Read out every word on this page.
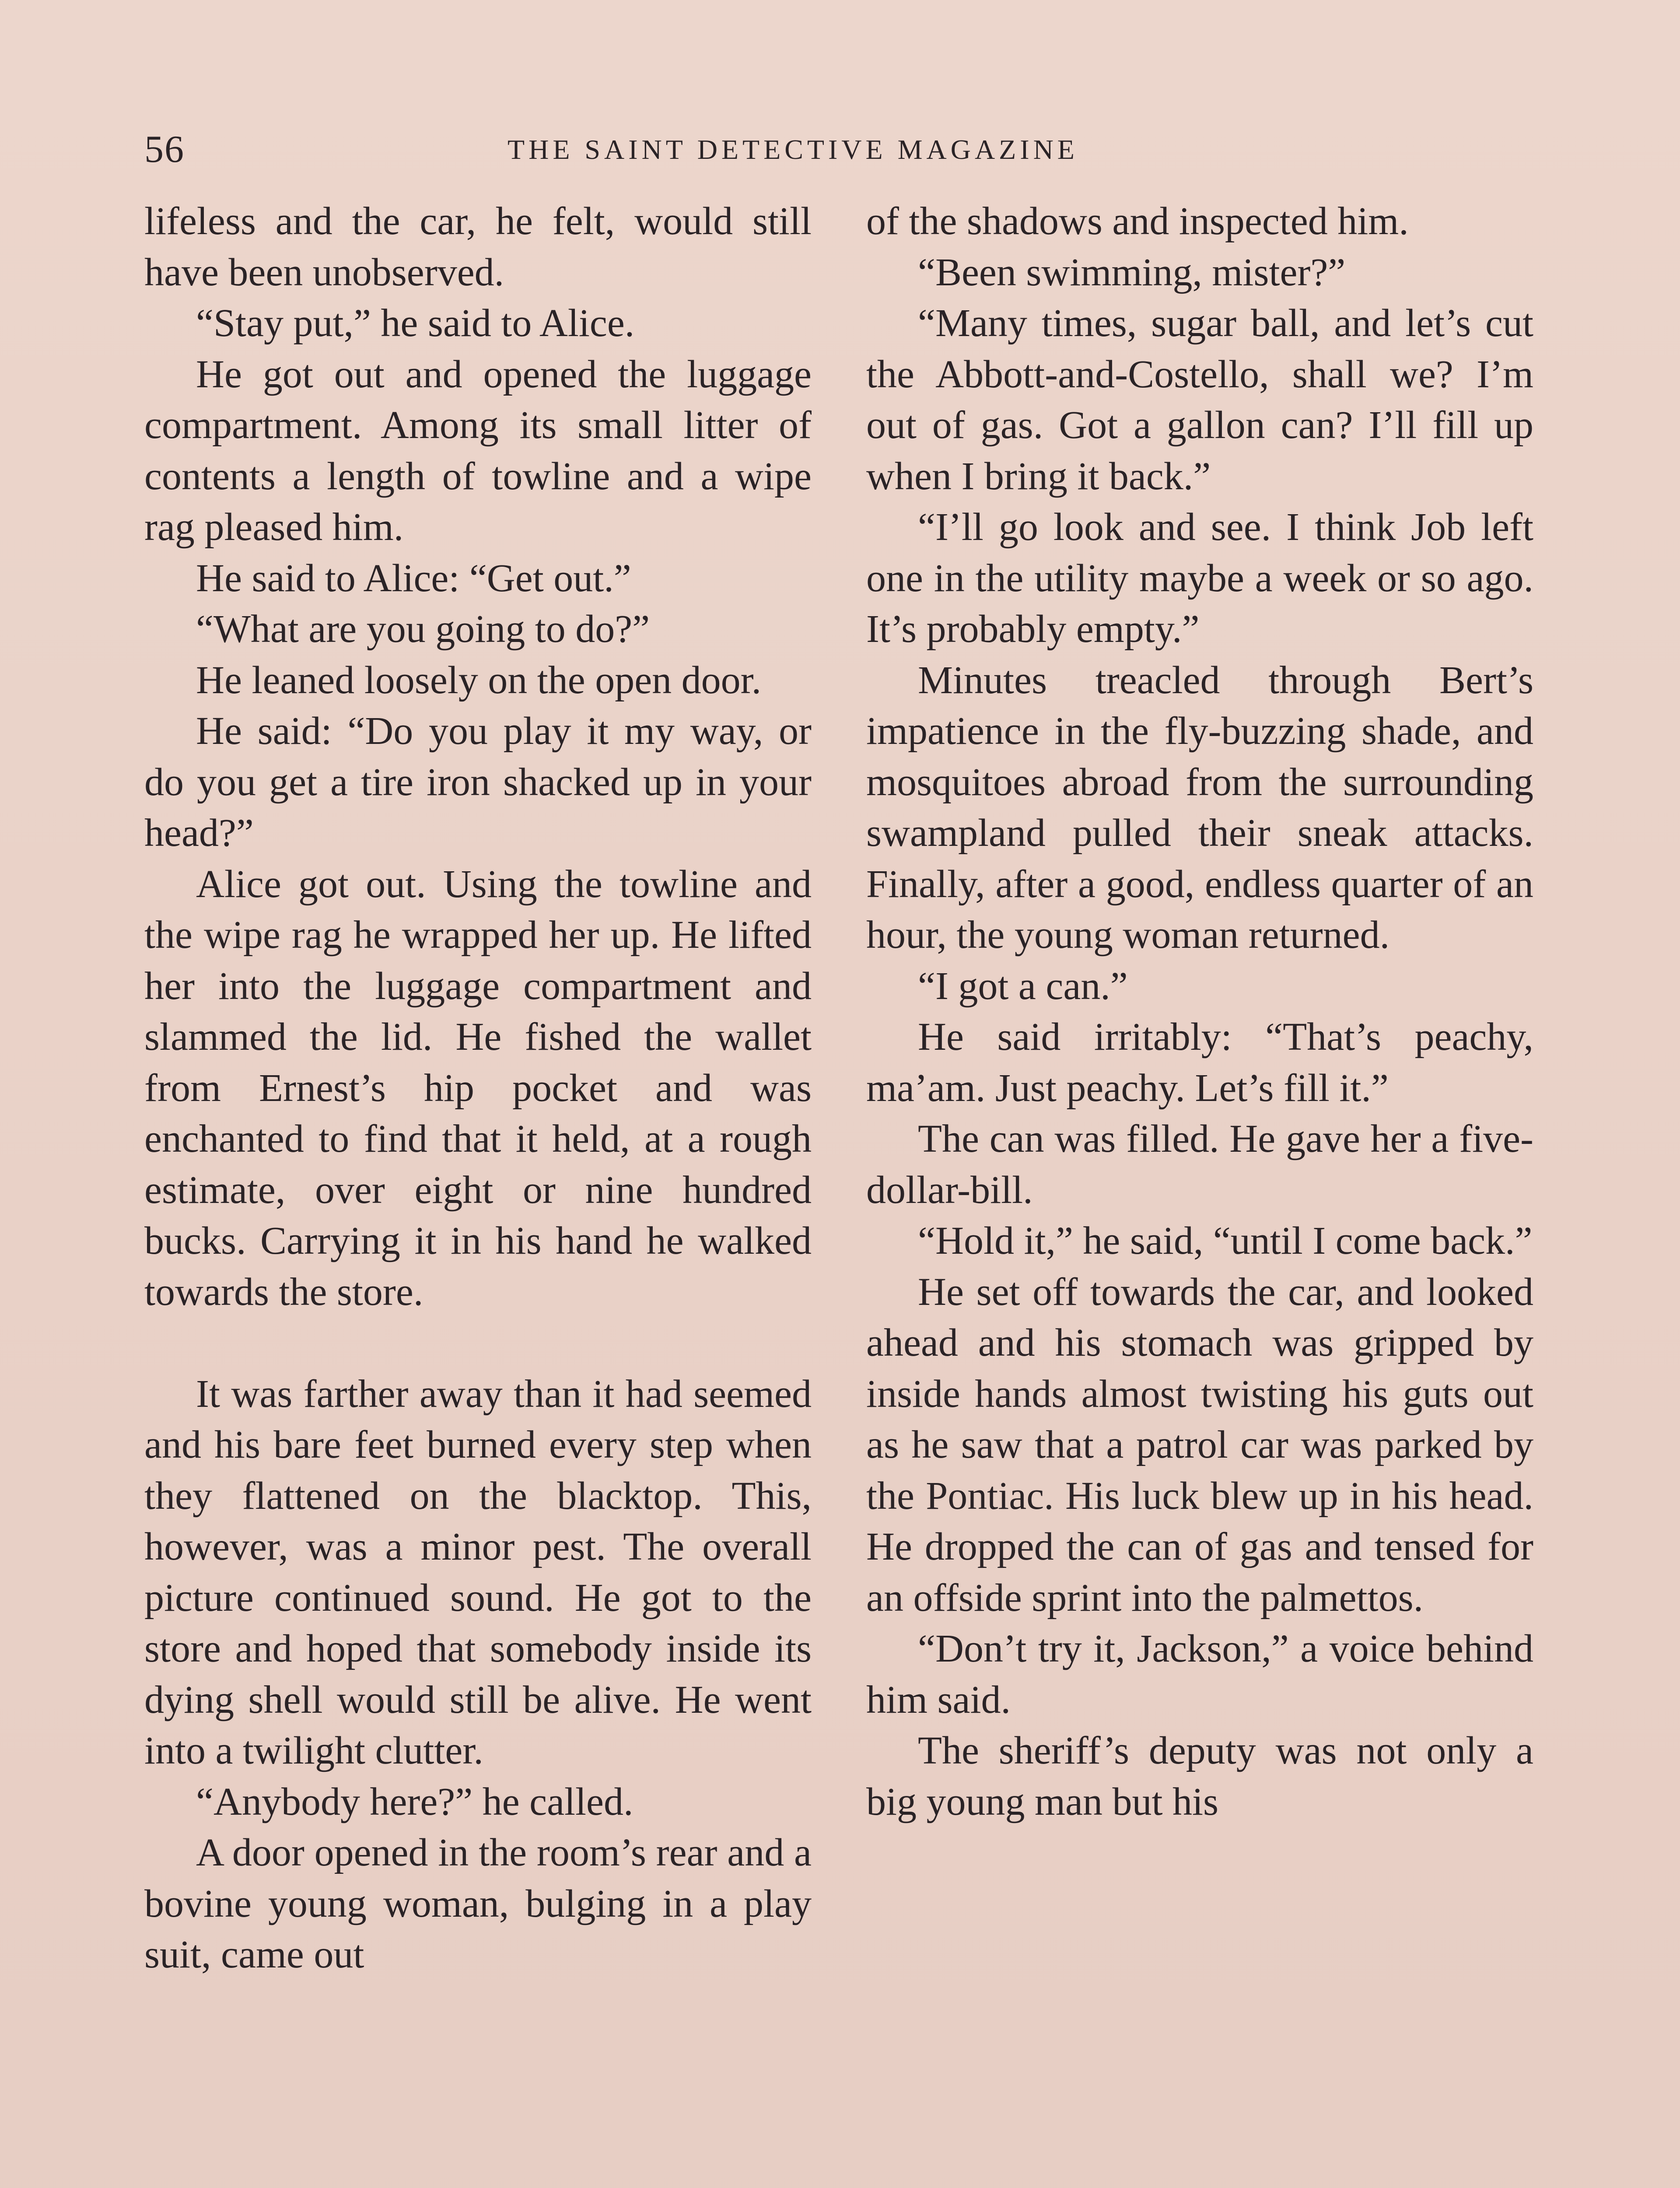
56	THE SAINT DETECTIVE MAGAZINE

lifeless and the car, he felt, would still have been unobserved.

“Stay put,” he said to Alice.

He got out and opened the luggage compartment. Among its small litter of contents a length of towline and a wipe rag pleased him.

He said to Alice: “Get out.”

“What are you going to do?”

He leaned loosely on the open door.

He said: “Do you play it my way, or do you get a tire iron shacked up in your head?”

Alice got out. Using the towline and the wipe rag he wrapped her up. He lifted her into the luggage compartment and slammed the lid. He fished the wallet from Ernest’s hip pocket and was enchanted to find that it held, at a rough estimate, over eight or nine hundred bucks. Carrying it in his hand he walked towards the store.

It was farther away than it had seemed and his bare feet burned every step when they flattened on the blacktop. This, however, was a minor pest. The overall picture continued sound. He got to the store and hoped that somebody inside its dying shell would still be alive. He went into a twilight clutter.

“Anybody here?” he called.

A door opened in the room’s rear and a bovine young woman, bulging in a play suit, came out

of the shadows and inspected him.

“Been swimming, mister?”

“Many times, sugar ball, and let’s cut the Abbott-and-Costello, shall we? I’m out of gas. Got a gallon can? I’ll fill up when I bring it back.”

“I’ll go look and see. I think Job left one in the utility maybe a week or so ago. It’s probably empty.”

Minutes treacled through Bert’s impatience in the fly-buzzing shade, and mosquitoes abroad from the surrounding swampland pulled their sneak attacks. Finally, after a good, endless quarter of an hour, the young woman returned.

“I got a can.”

He said irritably: “That’s peachy, ma’am. Just peachy. Let’s fill it.”

The can was filled. He gave her a five-dollar-bill.

“Hold it,” he said, “until I come back.”

He set off towards the car, and looked ahead and his stomach was gripped by inside hands almost twisting his guts out as he saw that a patrol car was parked by the Pontiac. His luck blew up in his head. He dropped the can of gas and tensed for an offside sprint into the palmettos.

“Don’t try it, Jackson,” a voice behind him said.

The sheriff’s deputy was not only a big young man but his
